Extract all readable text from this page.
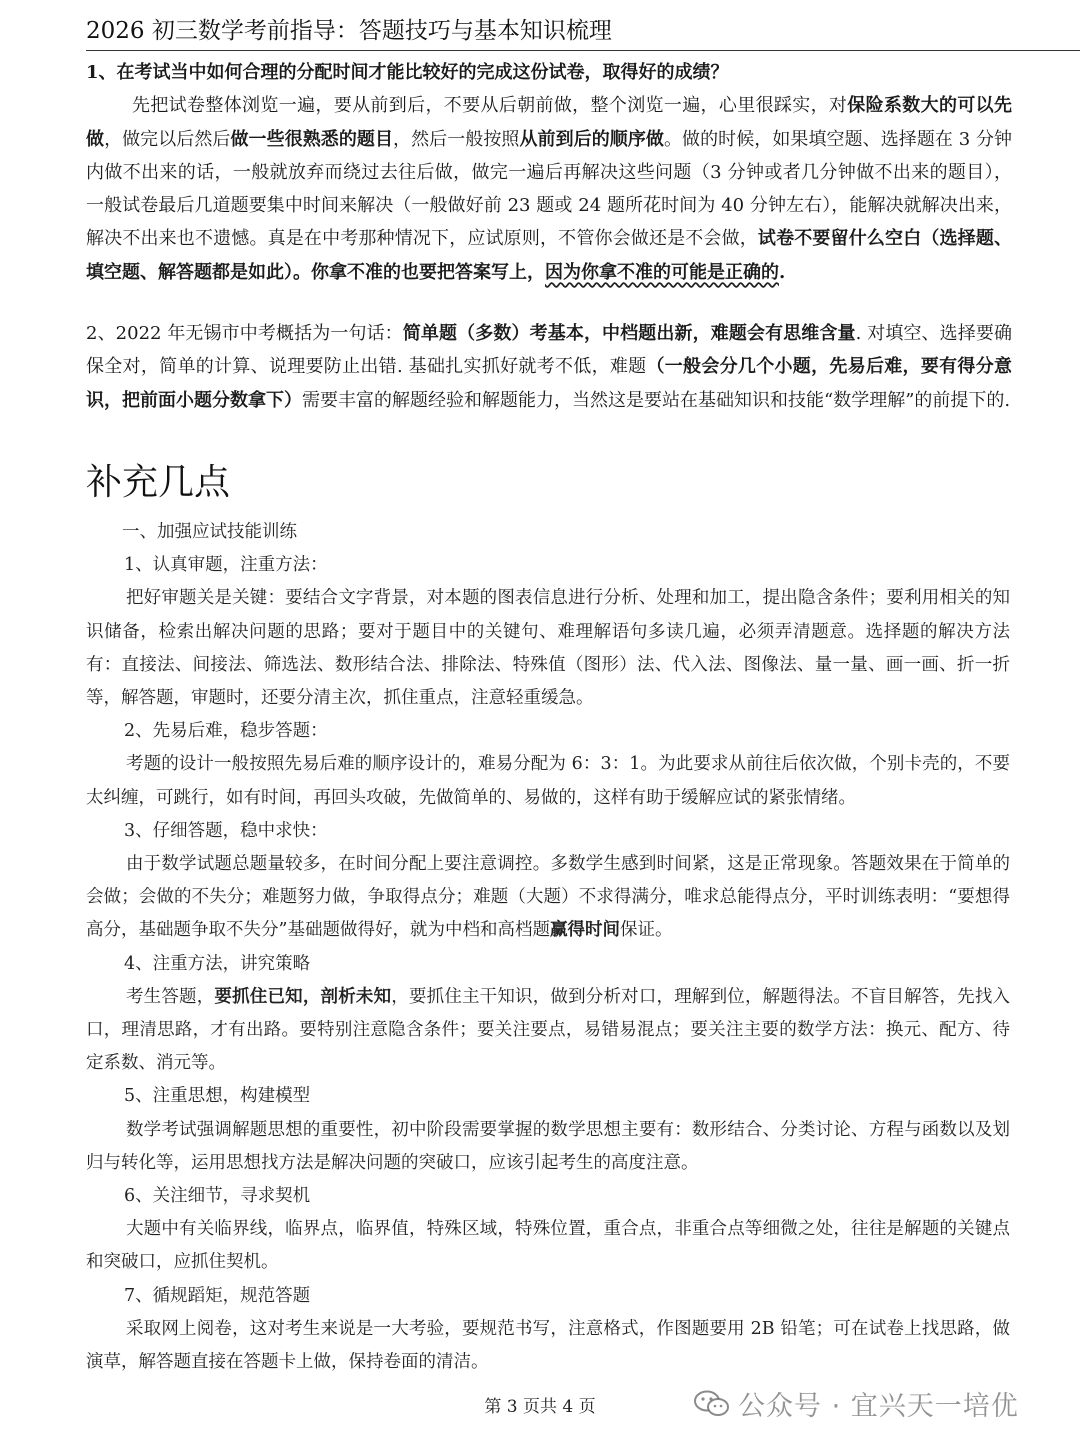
2026 初三数学考前指导：答题技巧与基本知识梳理
1、在考试当中如何合理的分配时间才能比较好的完成这份试卷，取得好的成绩？
先把试卷整体浏览一遍，要从前到后，不要从后朝前做，整个浏览一遍，心里很踩实，对保险系数大的可以先做，做完以后然后做一些很熟悉的题目，然后一般按照从前到后的顺序做。做的时候，如果填空题、选择题在 3 分钟内做不出来的话，一般就放弃而绕过去往后做，做完一遍后再解决这些问题（3 分钟或者几分钟做不出来的题目），一般试卷最后几道题要集中时间来解决（一般做好前 23 题或 24 题所花时间为 40 分钟左右），能解决就解决出来，解决不出来也不遗憾。真是在中考那种情况下，应试原则，不管你会做还是不会做，试卷不要留什么空白（选择题、填空题、解答题都是如此）。你拿不准的也要把答案写上，因为你拿不准的可能是正确的.
2、2022 年无锡市中考概括为一句话：简单题（多数）考基本，中档题出新，难题会有思维含量. 对填空、选择要确保全对，简单的计算、说理要防止出错. 基础扎实抓好就考不低，难题（一般会分几个小题，先易后难，要有得分意识，把前面小题分数拿下）需要丰富的解题经验和解题能力，当然这是要站在基础知识和技能“数学理解”的前提下的.
补充几点
一、加强应试技能训练
1、认真审题，注重方法：
把好审题关是关键：要结合文字背景，对本题的图表信息进行分析、处理和加工，提出隐含条件；要利用相关的知识储备，检索出解决问题的思路；要对于题目中的关键句、难理解语句多读几遍，必须弄清题意。选择题的解决方法有：直接法、间接法、筛选法、数形结合法、排除法、特殊值（图形）法、代入法、图像法、量一量、画一画、折一折等，解答题，审题时，还要分清主次，抓住重点，注意轻重缓急。
2、先易后难，稳步答题：
考题的设计一般按照先易后难的顺序设计的，难易分配为 6：3：1。为此要求从前往后依次做，个别卡壳的，不要太纠缠，可跳行，如有时间，再回头攻破，先做简单的、易做的，这样有助于缓解应试的紧张情绪。
3、仔细答题，稳中求快：
由于数学试题总题量较多，在时间分配上要注意调控。多数学生感到时间紧，这是正常现象。答题效果在于简单的会做；会做的不失分；难题努力做，争取得点分；难题（大题）不求得满分，唯求总能得点分，平时训练表明：“要想得高分，基础题争取不失分”基础题做得好，就为中档和高档题赢得时间保证。
4、注重方法，讲究策略
考生答题，要抓住已知，剖析未知，要抓住主干知识，做到分析对口，理解到位，解题得法。不盲目解答，先找入口，理清思路，才有出路。要特别注意隐含条件；要关注要点，易错易混点；要关注主要的数学方法：换元、配方、待定系数、消元等。
5、注重思想，构建模型
数学考试强调解题思想的重要性，初中阶段需要掌握的数学思想主要有：数形结合、分类讨论、方程与函数以及划归与转化等，运用思想找方法是解决问题的突破口，应该引起考生的高度注意。
6、关注细节，寻求契机
大题中有关临界线，临界点，临界值，特殊区域，特殊位置，重合点，非重合点等细微之处，往往是解题的关键点和突破口，应抓住契机。
7、循规蹈矩，规范答题
采取网上阅卷，这对考生来说是一大考验，要规范书写，注意格式，作图题要用 2B 铅笔；可在试卷上找思路，做演草，解答题直接在答题卡上做，保持卷面的清洁。
第 3 页共 4 页	公众号 · 宜兴天一培优
